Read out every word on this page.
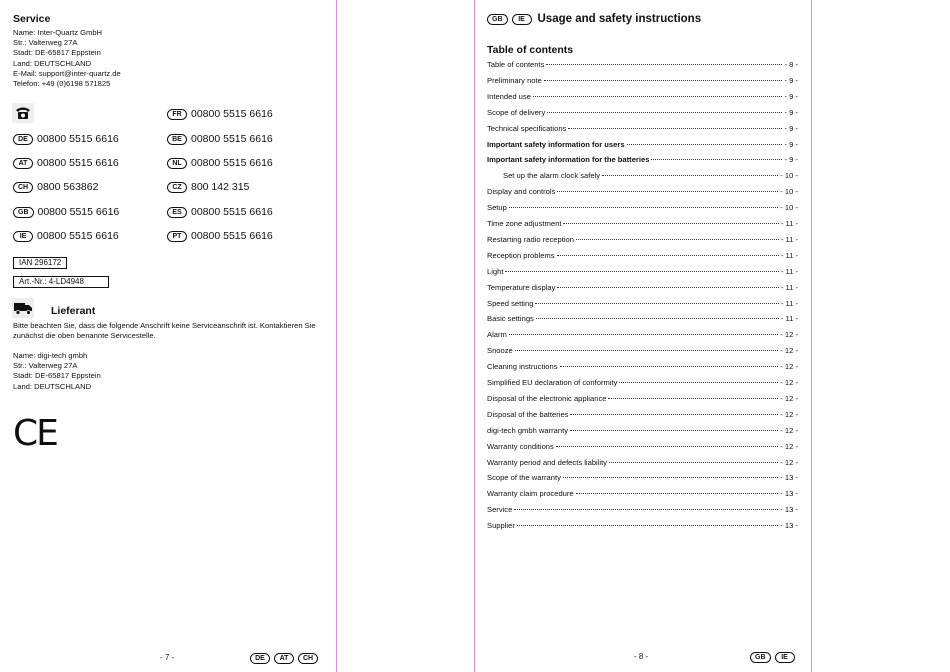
Service
Name: Inter-Quartz GmbH
Str.: Valterweg 27A
Stadt: DE-65817 Eppstein
Land: DEUTSCHLAND
E-Mail: support@inter-quartz.de
Telefon: +49 (0)6198 571825
DE 00800 5515 6616
AT 00800 5515 6616
CH 0800 563862
GB 00800 5515 6616
IE	00800 5515 6616
FR 00800 5515 6616
BE 00800 5515 6616
NL 00800 5515 6616
CZ 800 142 315
ES 00800 5515 6616
PT 00800 5515 6616
IAN 296172
Art.-Nr.: 4-LD4948
Lieferant
Bitte beachten Sie, dass die folgende Anschrift keine Serviceanschrift ist. Kontaktieren Sie zunächst die oben benannte Servicestelle.
Name: digi-tech gmbh
Str.: Valterweg 27A
Stadt: DE-65817 Eppstein
Land: DEUTSCHLAND
CE
- 7 -	DE	AT	CH
GB	IE	Usage and safety instructions
Table of contents
Table of contents	- 8 -
Preliminary note	- 9 -
Intended use	- 9 -
Scope of delivery	- 9 -
Technical specifications	- 9 -
Important safety information for users	- 9 -
Important safety information for the batteries	- 9 -
Set up the alarm clock safely	- 10 -
Display and controls	- 10 -
Setup	- 10 -
Time zone adjustment	- 11 -
Restarting radio reception	- 11 -
Reception problems	- 11 -
Light	- 11 -
Temperature display	- 11 -
Speed setting	- 11 -
Basic settings	- 11 -
Alarm	- 12 -
Snooze	- 12 -
Cleaning instructions	- 12 -
Simplified EU declaration of conformity	- 12 -
Disposal of the electronic appliance	- 12 -
Disposal of the batteries	- 12 -
digi-tech gmbh warranty	- 12 -
Warranty conditions	- 12 -
Warranty period and defects liability	- 12 -
Scope of the warranty	- 13 -
Warranty claim procedure	- 13 -
Service	- 13 -
Supplier	- 13 -
- 8 -	GB	IE
